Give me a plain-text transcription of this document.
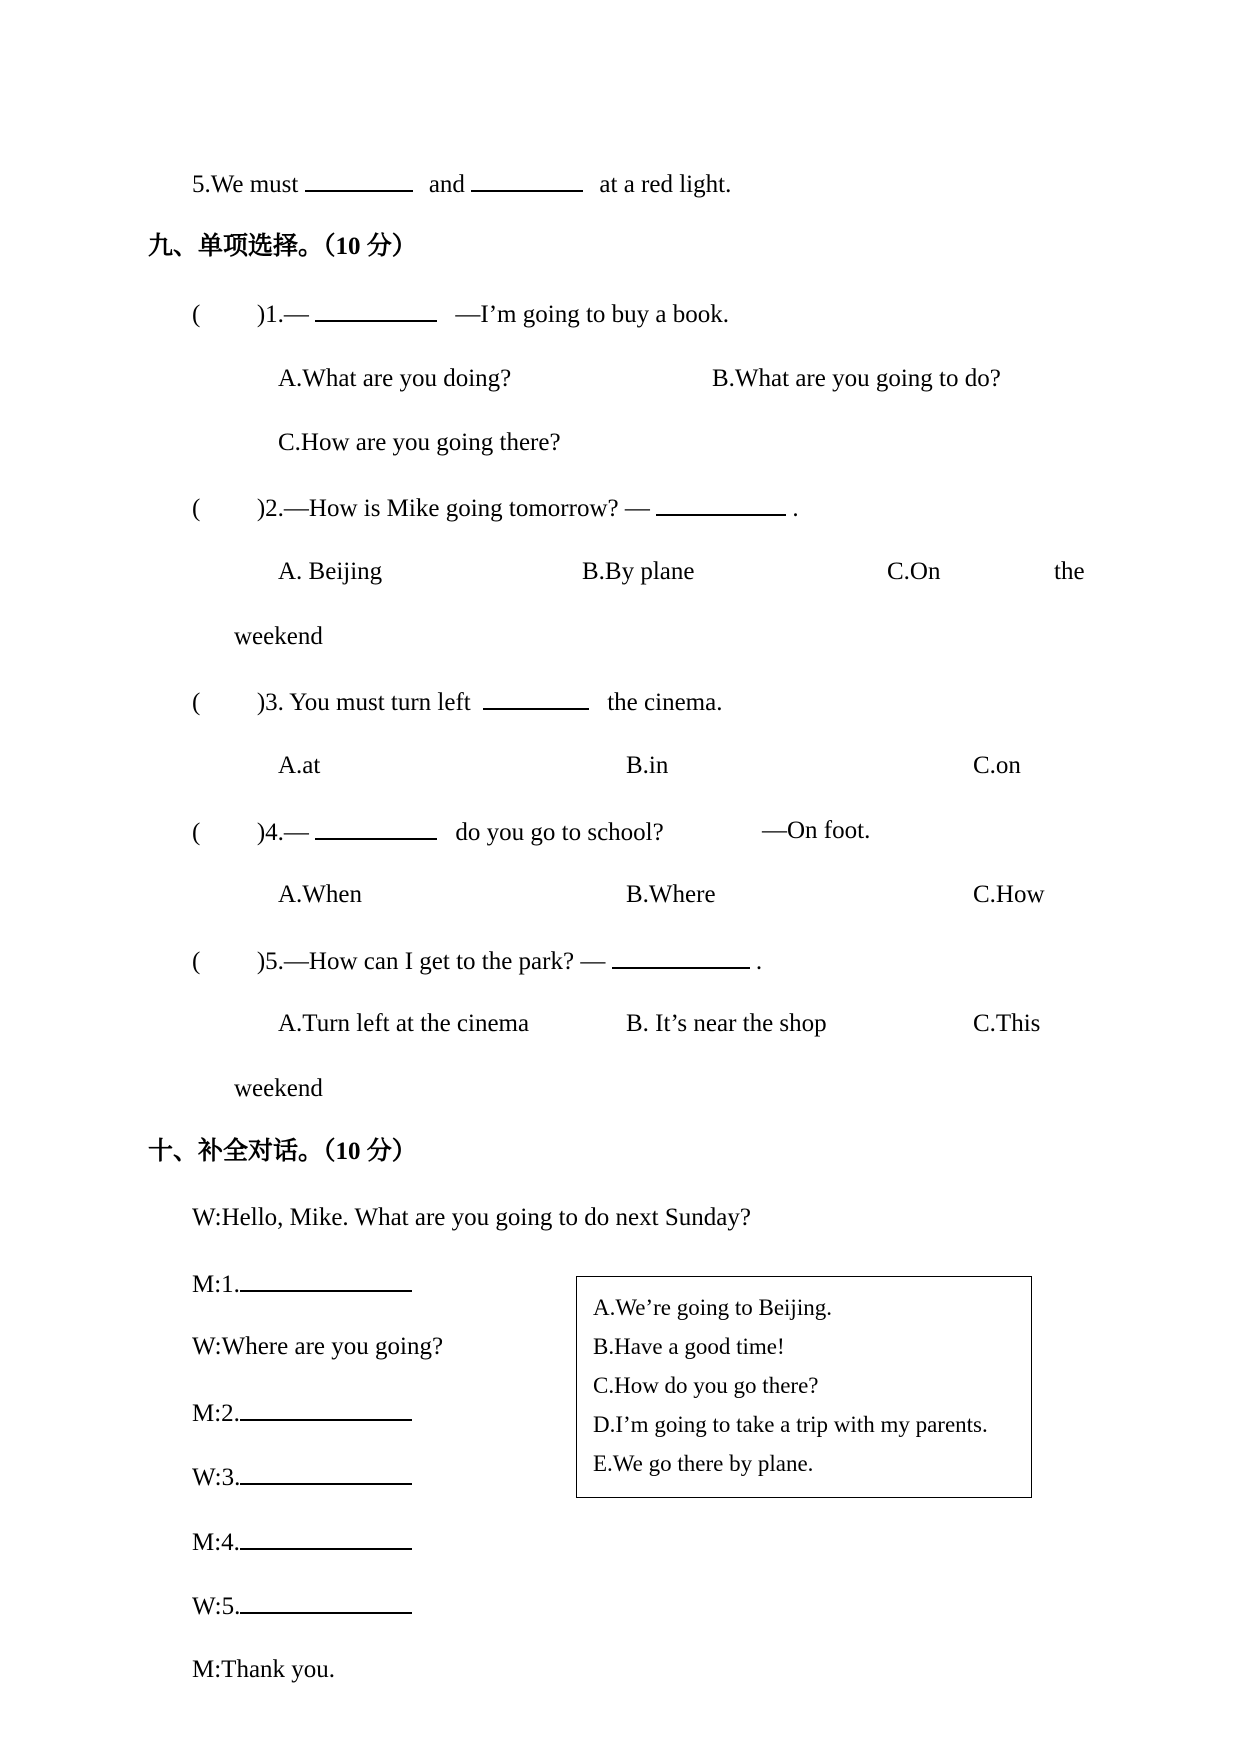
5.We must	and	at a red light.
九、单项选择。（10 分）
( )1.—	—I’m going to buy a book.
A.What are you doing?	B.What are you going to do?
C.How are you going there?
( )2.—How is Mike going tomorrow? —	.
A. Beijing	B.By plane	C.On	the
weekend
( )3. You must turn left	the cinema.
A.at	B.in	C.on
( )4.—	do you go to school?	—On foot.
A.When	B.Where	C.How
( )5.—How can I get to the park? —	.
A.Turn left at the cinema	B. It’s near the shop	C.This
weekend
十、补全对话。（10 分）
W:Hello, Mike. What are you going to do next Sunday?
M:1.
W:Where are you going?
M:2.
W:3.
M:4.
W:5.
M:Thank you.
A.We’re going to Beijing.
B.Have a good time!
C.How do you go there?
D.I’m going to take a trip with my parents.
E.We go there by plane.
